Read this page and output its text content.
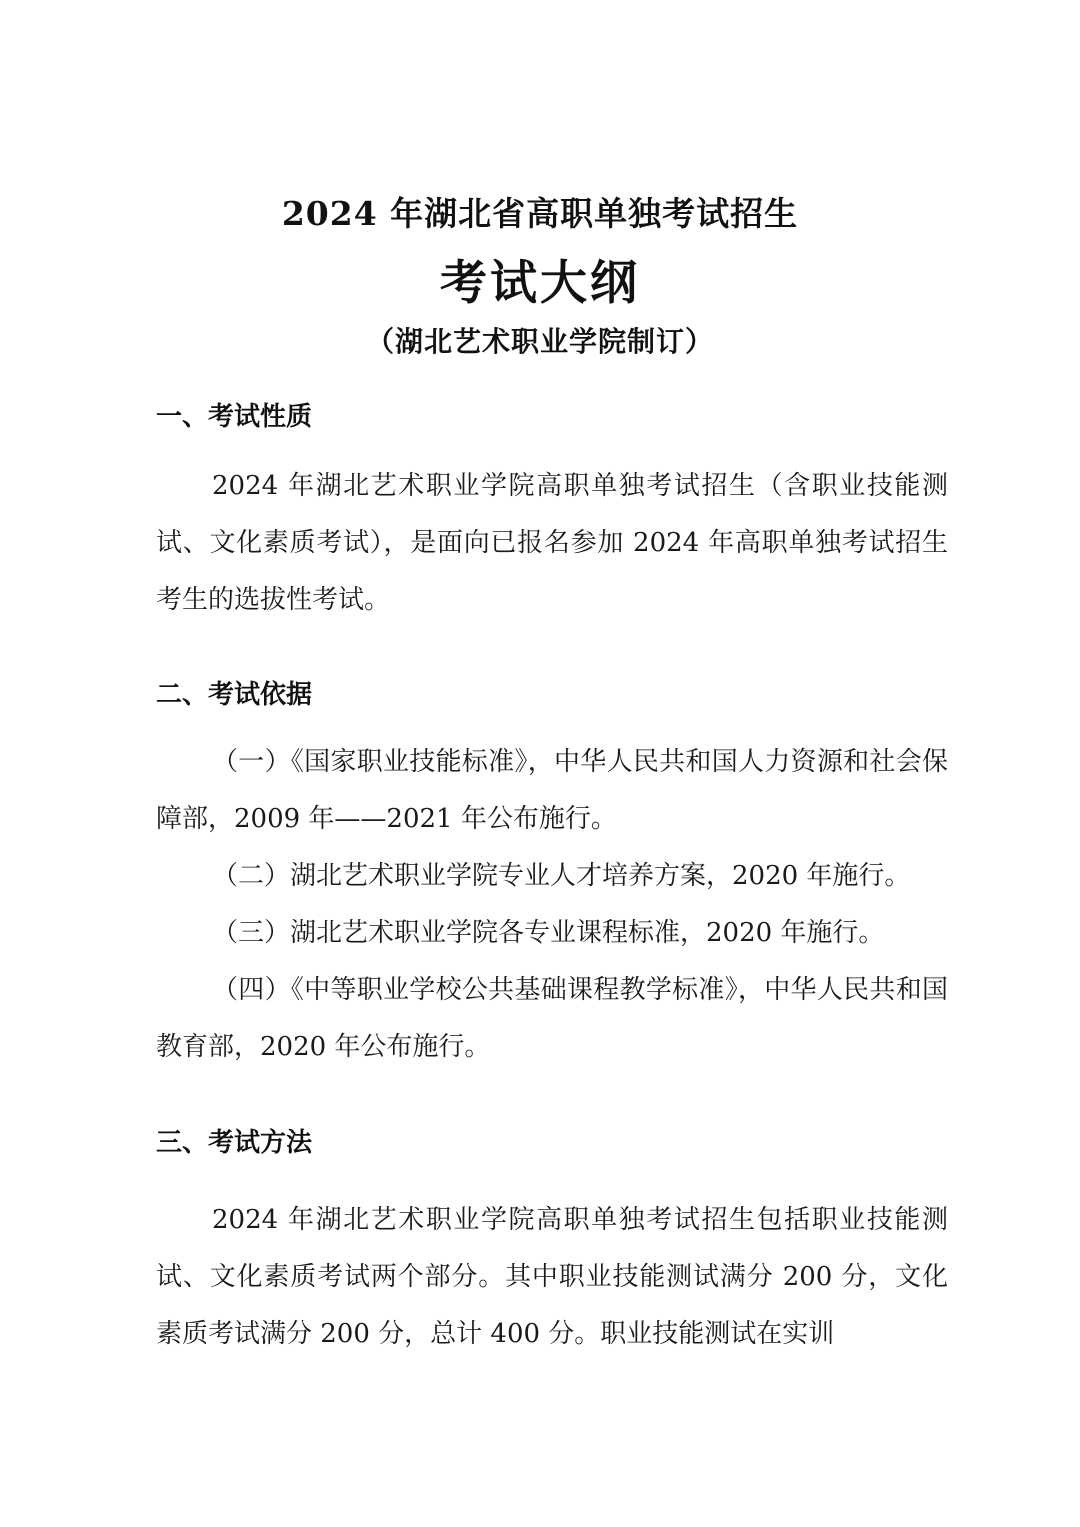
2024 年湖北省高职单独考试招生
考试大纲
（湖北艺术职业学院制订）
一、考试性质
2024 年湖北艺术职业学院高职单独考试招生（含职业技能测试、文化素质考试），是面向已报名参加 2024 年高职单独考试招生考生的选拔性考试。
二、考试依据
（一）《国家职业技能标准》，中华人民共和国人力资源和社会保障部，2009 年——2021 年公布施行。
（二）湖北艺术职业学院专业人才培养方案，2020 年施行。
（三）湖北艺术职业学院各专业课程标准，2020 年施行。
（四）《中等职业学校公共基础课程教学标准》，中华人民共和国教育部，2020 年公布施行。
三、考试方法
2024 年湖北艺术职业学院高职单独考试招生包括职业技能测试、文化素质考试两个部分。其中职业技能测试满分 200 分，文化素质考试满分 200 分，总计 400 分。职业技能测试在实训
